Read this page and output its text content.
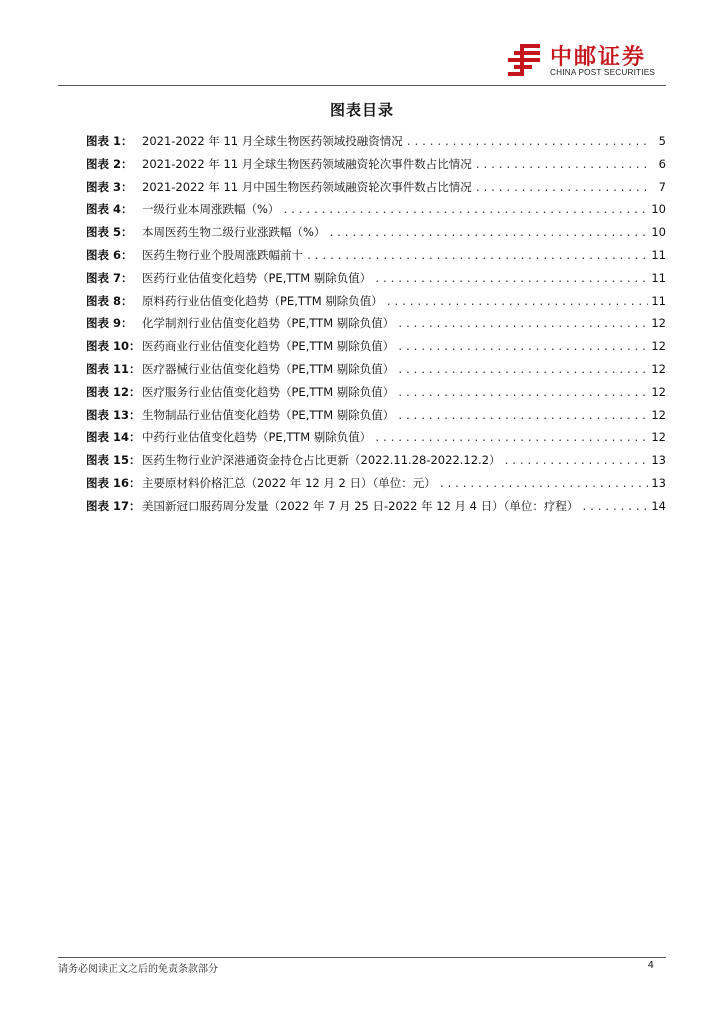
中邮证券
CHINA POST SECURITIES
图表目录
图表 1： 2021-2022 年 11 月全球生物医药领域投融资情况 .....	5
图表 2： 2021-2022 年 11 月全球生物医药领域融资轮次事件数占比情况 .....	6
图表 3： 2021-2022 年 11 月中国生物医药领域融资轮次事件数占比情况 .....	7
图表 4： 一级行业本周涨跌幅（%） .....	10
图表 5： 本周医药生物二级行业涨跌幅（%） .....	10
图表 6： 医药生物行业个股周涨跌幅前十 .....	11
图表 7： 医药行业估值变化趋势（PE,TTM 剔除负值） .....	11
图表 8： 原料药行业估值变化趋势（PE,TTM 剔除负值） .....	11
图表 9： 化学制剂行业估值变化趋势（PE,TTM 剔除负值） .....	12
图表 10： 医药商业行业估值变化趋势（PE,TTM 剔除负值） .....	12
图表 11： 医疗器械行业估值变化趋势（PE,TTM 剔除负值） .....	12
图表 12： 医疗服务行业估值变化趋势（PE,TTM 剔除负值） .....	12
图表 13： 生物制品行业估值变化趋势（PE,TTM 剔除负值） .....	12
图表 14： 中药行业估值变化趋势（PE,TTM 剔除负值） .....	12
图表 15： 医药生物行业沪深港通资金持仓占比更新（2022.11.28-2022.12.2） .....	13
图表 16： 主要原材料价格汇总（2022 年 12 月 2 日）（单位：元） .....	13
图表 17： 美国新冠口服药周分发量（2022 年 7 月 25 日-2022 年 12 月 4 日）（单位：疗程） .....	14
请务必阅读正文之后的免责条款部分	4
